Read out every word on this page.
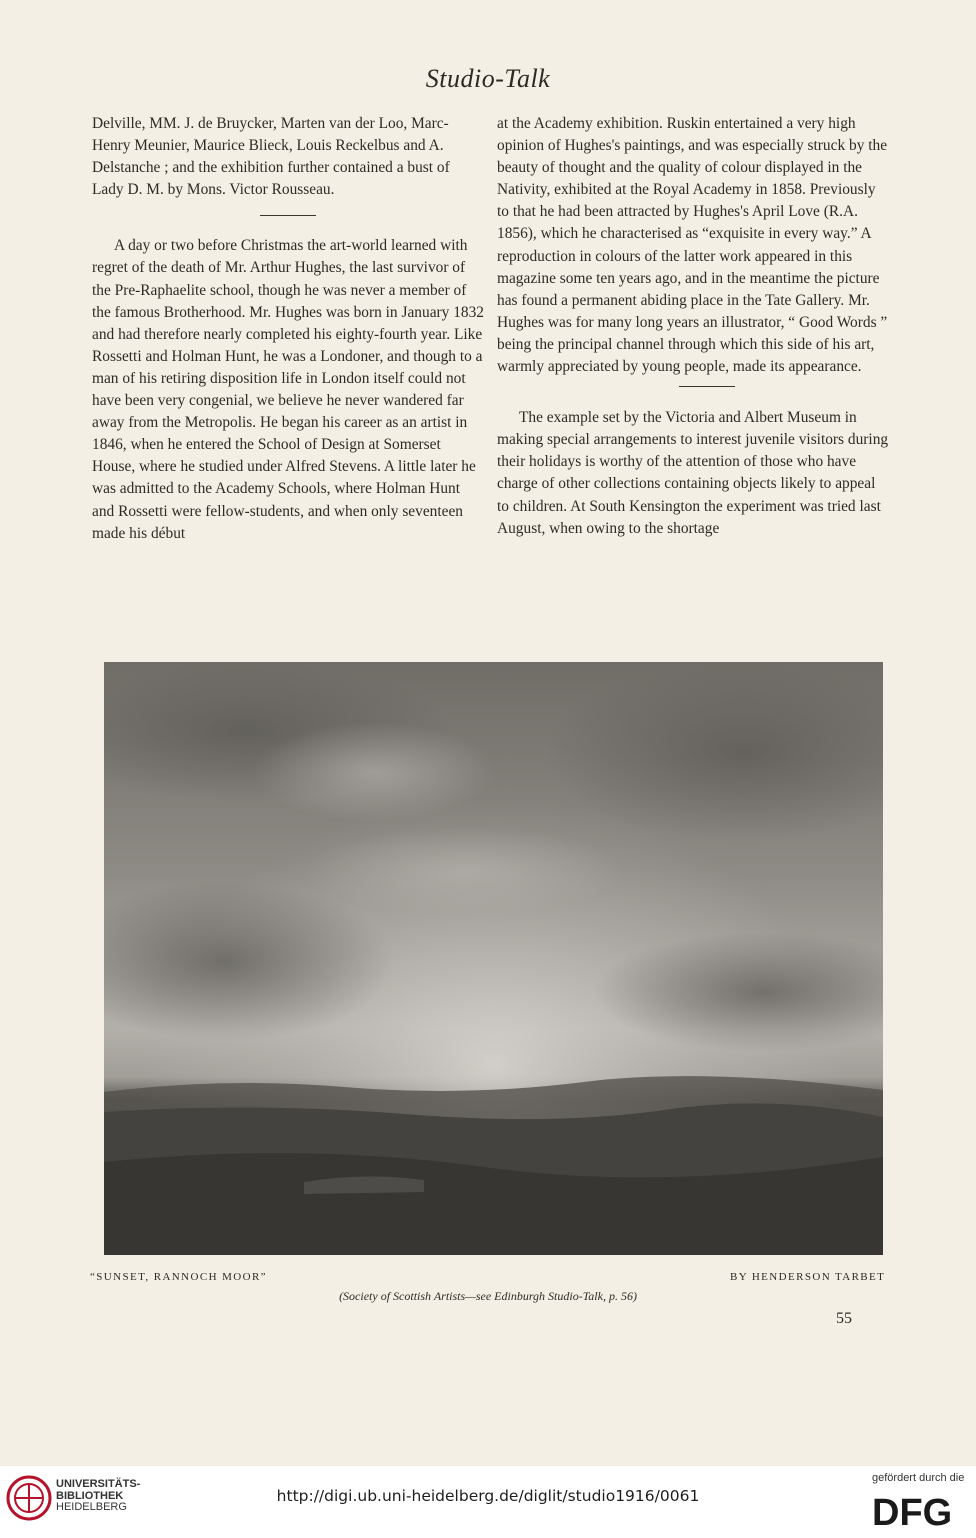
Studio-Talk

Delville, MM. J. de Bruycker, Marten van der Loo, Marc-Henry Meunier, Maurice Blieck, Louis Reckelbus and A. Delstanche ; and the exhibition further contained a bust of Lady D. M. by Mons. Victor Rousseau.

A day or two before Christmas the art-world learned with regret of the death of Mr. Arthur Hughes, the last survivor of the Pre-Raphaelite school, though he was never a member of the famous Brotherhood. Mr. Hughes was born in January 1832 and had therefore nearly completed his eighty-fourth year. Like Rossetti and Holman Hunt, he was a Londoner, and though to a man of his retiring disposition life in London itself could not have been very congenial, we believe he never wandered far away from the Metropolis. He began his career as an artist in 1846, when he entered the School of Design at Somerset House, where he studied under Alfred Stevens. A little later he was admitted to the Academy Schools, where Holman Hunt and Rossetti were fellow-students, and when only seventeen made his début

at the Academy exhibition. Ruskin entertained a very high opinion of Hughes's paintings, and was especially struck by the beauty of thought and the quality of colour displayed in the Nativity, exhibited at the Royal Academy in 1858. Previously to that he had been attracted by Hughes's April Love (R.A. 1856), which he characterised as “exquisite in every way.” A reproduction in colours of the latter work appeared in this magazine some ten years ago, and in the meantime the picture has found a permanent abiding place in the Tate Gallery. Mr. Hughes was for many long years an illustrator, “ Good Words ” being the principal channel through which this side of his art, warmly appreciated by young people, made its appearance.

The example set by the Victoria and Albert Museum in making special arrangements to interest juvenile visitors during their holidays is worthy of the attention of those who have charge of other collections containing objects likely to appeal to children. At South Kensington the experiment was tried last August, when owing to the shortage

“SUNSET, RANNOCH MOOR”	BY HENDERSON TARBET
(Society of Scottish Artists—see Edinburgh Studio-Talk, p. 56)
55
UNIVERSITÄTS-
BIBLIOTHEK
HEIDELBERG
http://digi.ub.uni-heidelberg.de/diglit/studio1916/0061
gefördert durch die
DFG
